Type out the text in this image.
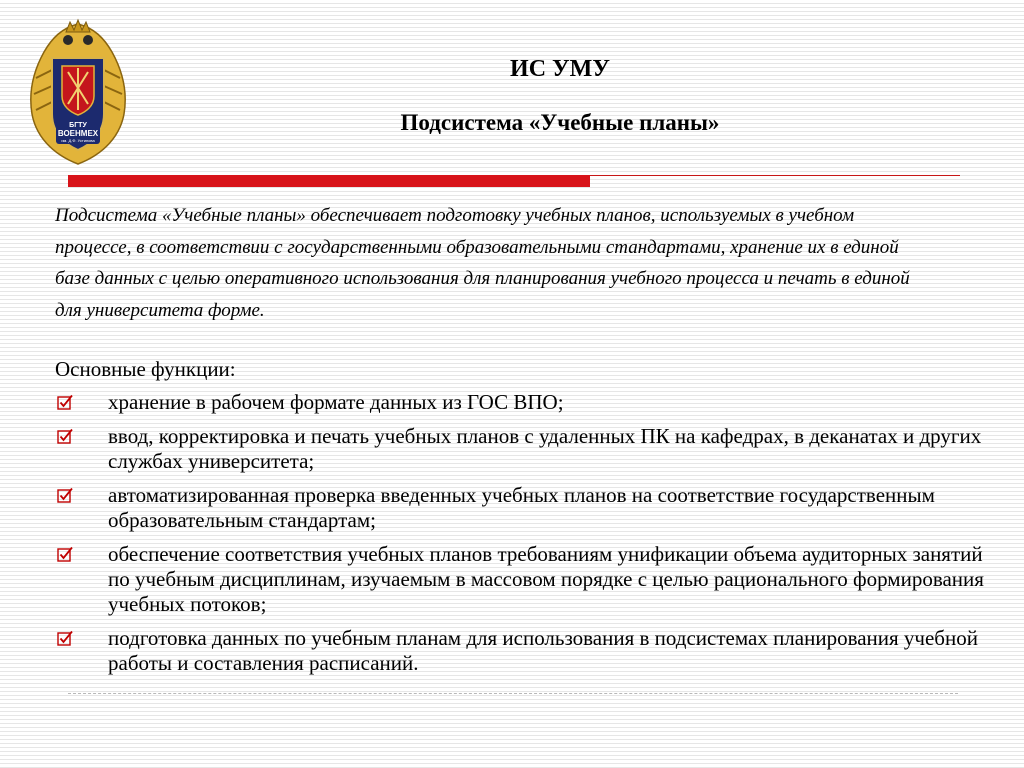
БГТУ
ВОЕНМЕХ
им. Д.Ф. Устинова
ИС УМУ
Подсистема «Учебные планы»

Подсистема «Учебные планы» обеспечивает подготовку учебных планов, используемых в учебном процессе, в соответствии с государственными образовательными стандартами, хранение их в единой базе данных с целью оперативного использования для планирования учебного процесса и печать в единой для университета форме.

Основные функции:

хранение в рабочем формате данных из ГОС ВПО;
ввод, корректировка и печать учебных планов с удаленных ПК на кафедрах, в деканатах и других службах университета;
автоматизированная проверка введенных учебных планов на соответствие государственным образовательным стандартам;
обеспечение соответствия учебных планов требованиям унификации объема аудиторных занятий по учебным дисциплинам, изучаемым в массовом порядке с целью рационального формирования учебных потоков;
подготовка данных по учебным планам для использования в подсистемах планирования учебной работы и составления расписаний.
